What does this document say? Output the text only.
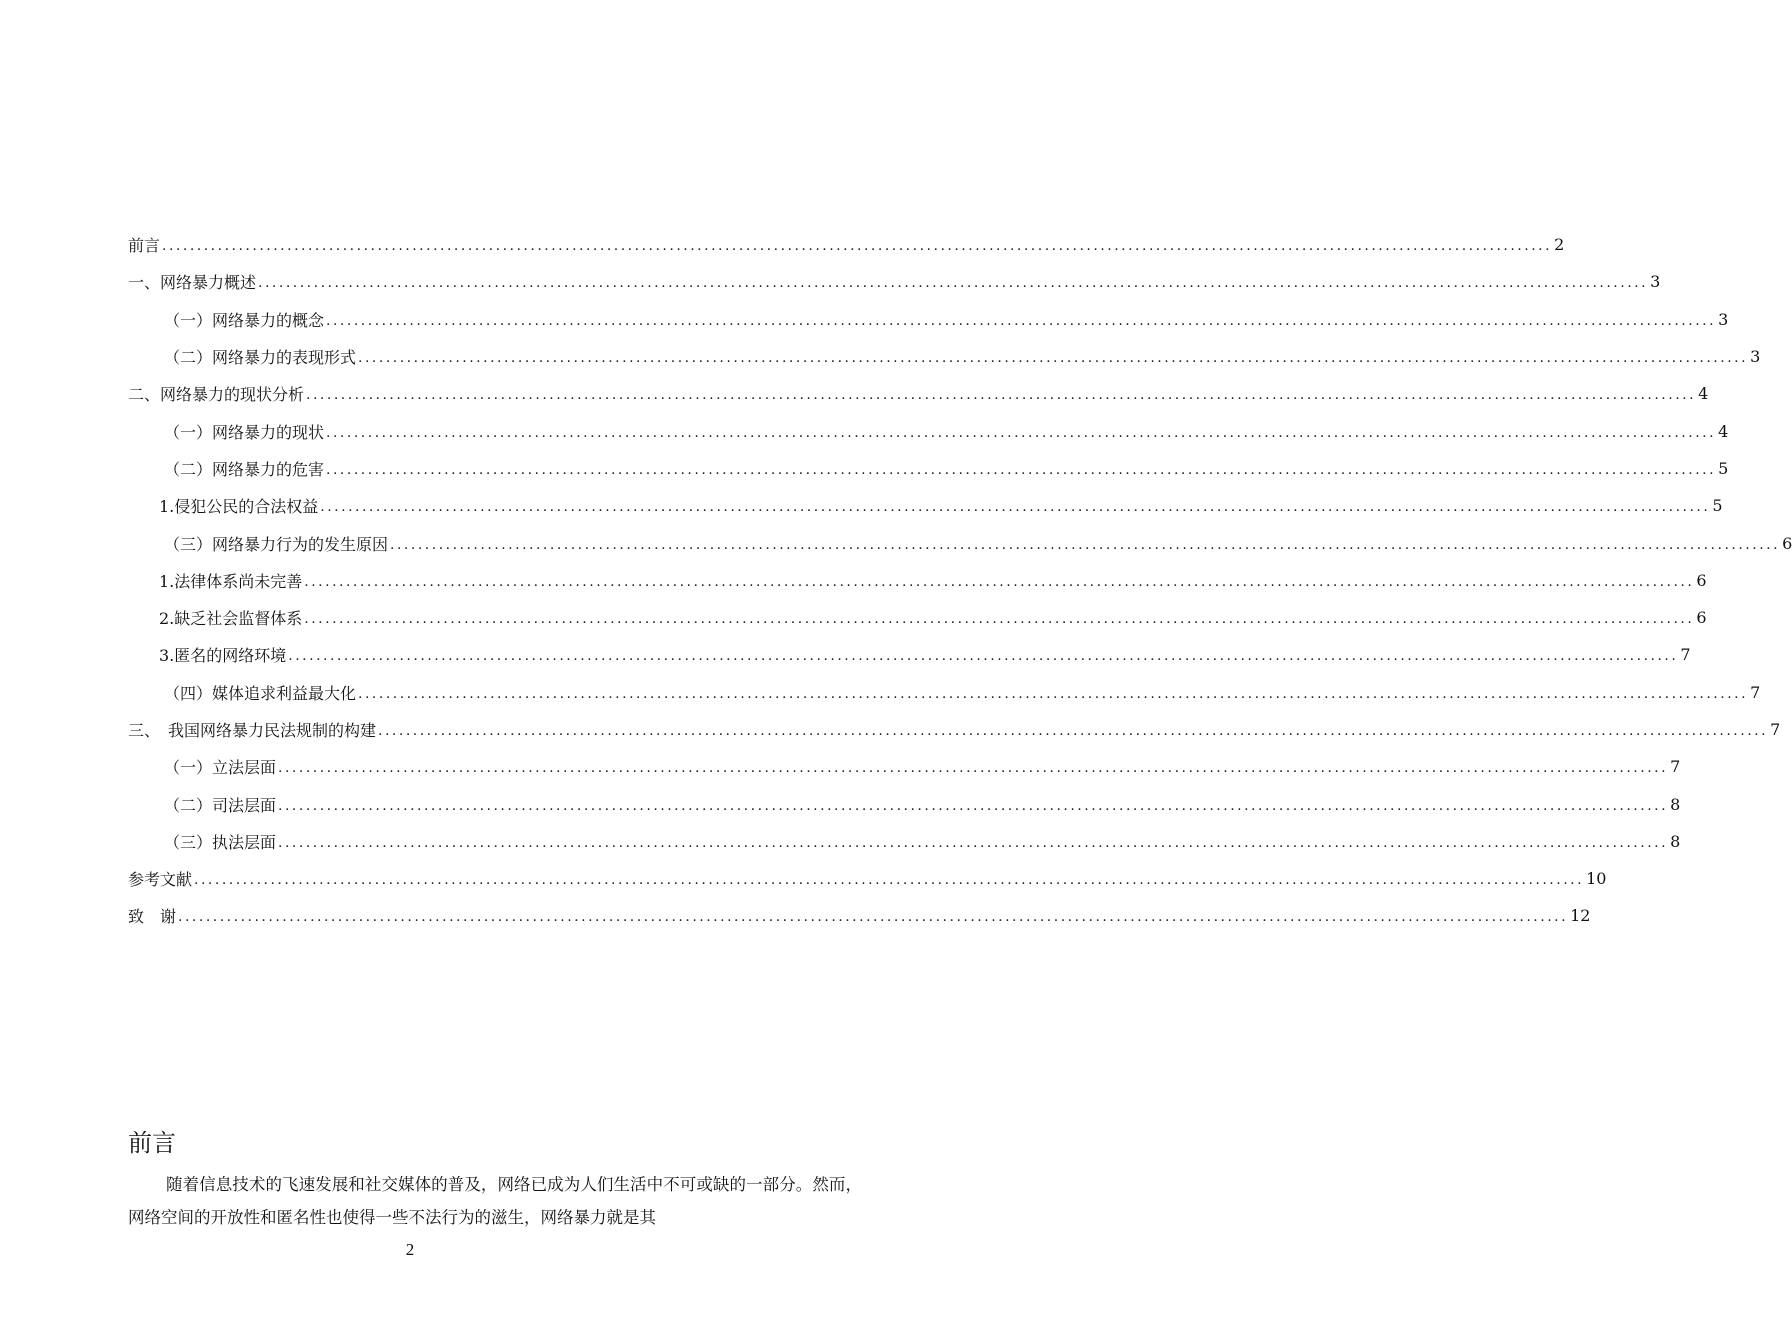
前言 ........................................................................................................................................................................................................ 2
一、网络暴力概述 ........................................................................................................................................................................................................ 3
（一）网络暴力的概念 ........................................................................................................................................................................................................ 3
（二）网络暴力的表现形式 ........................................................................................................................................................................................................ 3
二、网络暴力的现状分析 ........................................................................................................................................................................................................ 4
（一）网络暴力的现状 ........................................................................................................................................................................................................ 4
（二）网络暴力的危害 ........................................................................................................................................................................................................ 5
1.侵犯公民的合法权益 ........................................................................................................................................................................................................ 5
（三）网络暴力行为的发生原因 ........................................................................................................................................................................................................ 6
1.法律体系尚未完善 ........................................................................................................................................................................................................ 6
2.缺乏社会监督体系 ........................................................................................................................................................................................................ 6
3.匿名的网络环境 ........................................................................................................................................................................................................ 7
（四）媒体追求利益最大化 ........................................................................................................................................................................................................ 7
三、　我国网络暴力民法规制的构建 ........................................................................................................................................................................................................ 7
（一）立法层面 ........................................................................................................................................................................................................ 7
（二）司法层面 ........................................................................................................................................................................................................ 8
（三）执法层面 ........................................................................................................................................................................................................ 8
参考文献 ........................................................................................................................................................................................................ 10
致　谢 ........................................................................................................................................................................................................ 12
前言

随着信息技术的飞速发展和社交媒体的普及，网络已成为人们生活中不可或缺的一部分。然而，网络空间的开放性和匿名性也使得一些不法行为的滋生，网络暴力就是其

2
